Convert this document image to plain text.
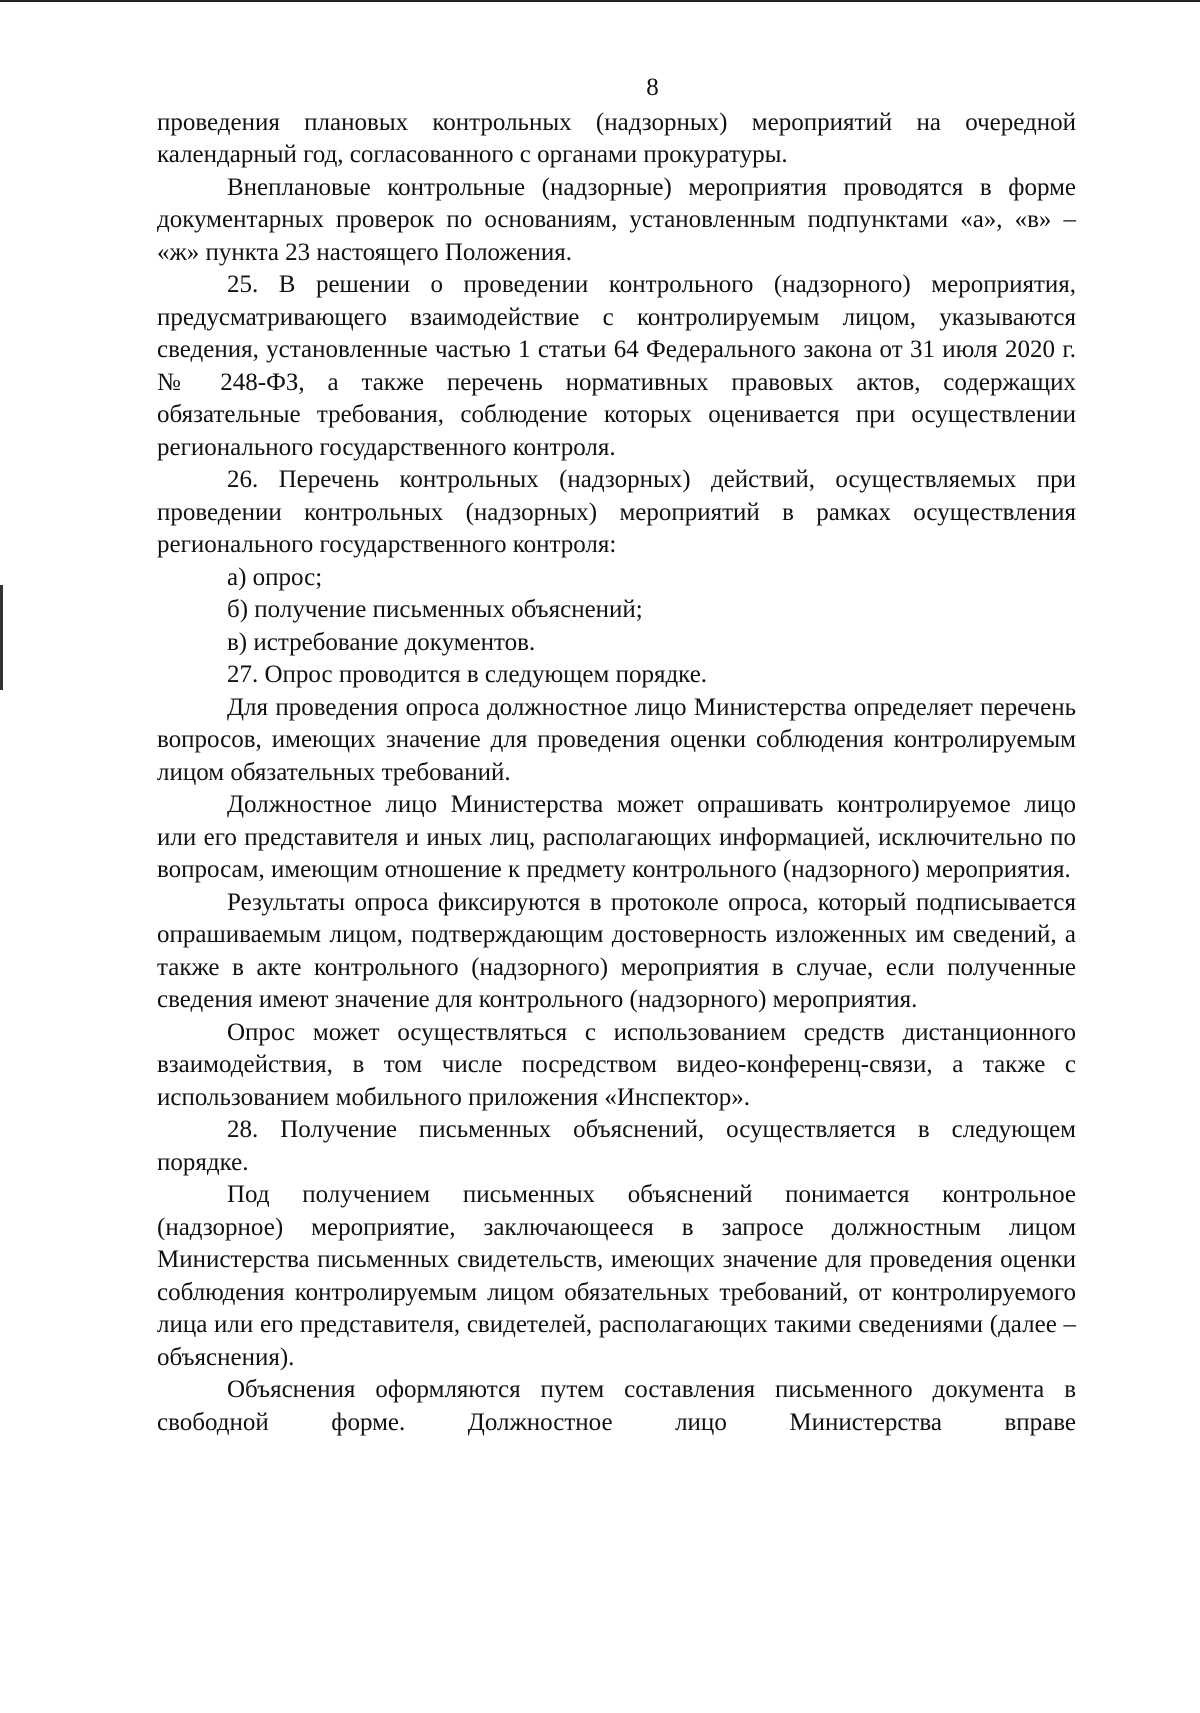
8

проведения плановых контрольных (надзорных) мероприятий на очередной календарный год, согласованного с органами прокуратуры.

Внеплановые контрольные (надзорные) мероприятия проводятся в форме документарных проверок по основаниям, установленным подпунктами «а», «в» – «ж» пункта 23 настоящего Положения.

25. В решении о проведении контрольного (надзорного) мероприятия, предусматривающего взаимодействие с контролируемым лицом, указываются сведения, установленные частью 1 статьи 64 Федерального закона от 31 июля 2020 г. № 248-ФЗ, а также перечень нормативных правовых актов, содержащих обязательные требования, соблюдение которых оценивается при осуществлении регионального государственного контроля.

26. Перечень контрольных (надзорных) действий, осуществляемых при проведении контрольных (надзорных) мероприятий в рамках осуществления регионального государственного контроля:

а) опрос;

б) получение письменных объяснений;

в) истребование документов.

27. Опрос проводится в следующем порядке.

Для проведения опроса должностное лицо Министерства определяет перечень вопросов, имеющих значение для проведения оценки соблюдения контролируемым лицом обязательных требований.

Должностное лицо Министерства может опрашивать контролируемое лицо или его представителя и иных лиц, располагающих информацией, исключительно по вопросам, имеющим отношение к предмету контрольного (надзорного) мероприятия.

Результаты опроса фиксируются в протоколе опроса, который подписывается опрашиваемым лицом, подтверждающим достоверность изложенных им сведений, а также в акте контрольного (надзорного) мероприятия в случае, если полученные сведения имеют значение для контрольного (надзорного) мероприятия.

Опрос может осуществляться с использованием средств дистанционного взаимодействия, в том числе посредством видео-конференц-связи, а также с использованием мобильного приложения «Инспектор».

28. Получение письменных объяснений, осуществляется в следующем порядке.

Под получением письменных объяснений понимается контрольное (надзорное) мероприятие, заключающееся в запросе должностным лицом Министерства письменных свидетельств, имеющих значение для проведения оценки соблюдения контролируемым лицом обязательных требований, от контролируемого лица или его представителя, свидетелей, располагающих такими сведениями (далее – объяснения).

Объяснения оформляются путем составления письменного документа в свободной форме. Должностное лицо Министерства вправе
